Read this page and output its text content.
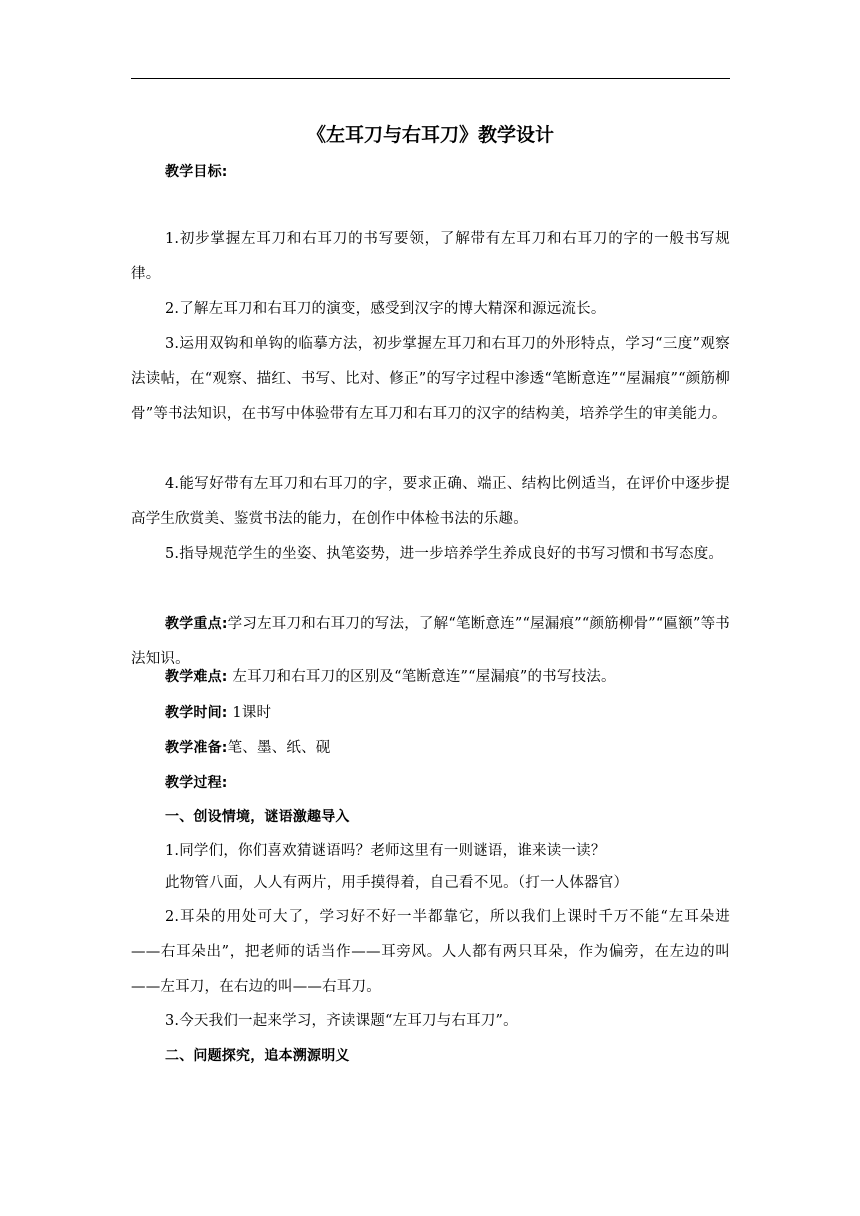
《左耳刀与右耳刀》教学设计

教学目标:

1.初步掌握左耳刀和右耳刀的书写要领，了解带有左耳刀和右耳刀的字的一般书写规律。

2.了解左耳刀和右耳刀的演变，感受到汉字的博大精深和源远流长。

3.运用双钩和单钩的临摹方法，初步掌握左耳刀和右耳刀的外形特点，学习“三度”观察法读帖，在“观察、描红、书写、比对、修正”的写字过程中渗透“笔断意连”“屋漏痕”“颜筋柳骨”等书法知识，在书写中体验带有左耳刀和右耳刀的汉字的结构美，培养学生的审美能力。

4.能写好带有左耳刀和右耳刀的字，要求正确、端正、结构比例适当，在评价中逐步提高学生欣赏美、鉴赏书法的能力，在创作中体检书法的乐趣。

5.指导规范学生的坐姿、执笔姿势，进一步培养学生养成良好的书写习惯和书写态度。

教学重点:学习左耳刀和右耳刀的写法，了解“笔断意连”“屋漏痕”“颜筋柳骨”“匾额”等书法知识。

教学难点: 左耳刀和右耳刀的区别及“笔断意连”“屋漏痕”的书写技法。

教学时间: 1课时

教学准备:笔、墨、纸、砚

教学过程:

一、创设情境，谜语激趣导入

1.同学们，你们喜欢猜谜语吗？老师这里有一则谜语，谁来读一读？

此物管八面，人人有两片，用手摸得着，自己看不见。（打一人体器官）

2.耳朵的用处可大了，学习好不好一半都靠它，所以我们上课时千万不能“左耳朵进——右耳朵出”，把老师的话当作——耳旁风。人人都有两只耳朵，作为偏旁，在左边的叫——左耳刀，在右边的叫——右耳刀。

3.今天我们一起来学习，齐读课题“左耳刀与右耳刀”。

二、问题探究，追本溯源明义
